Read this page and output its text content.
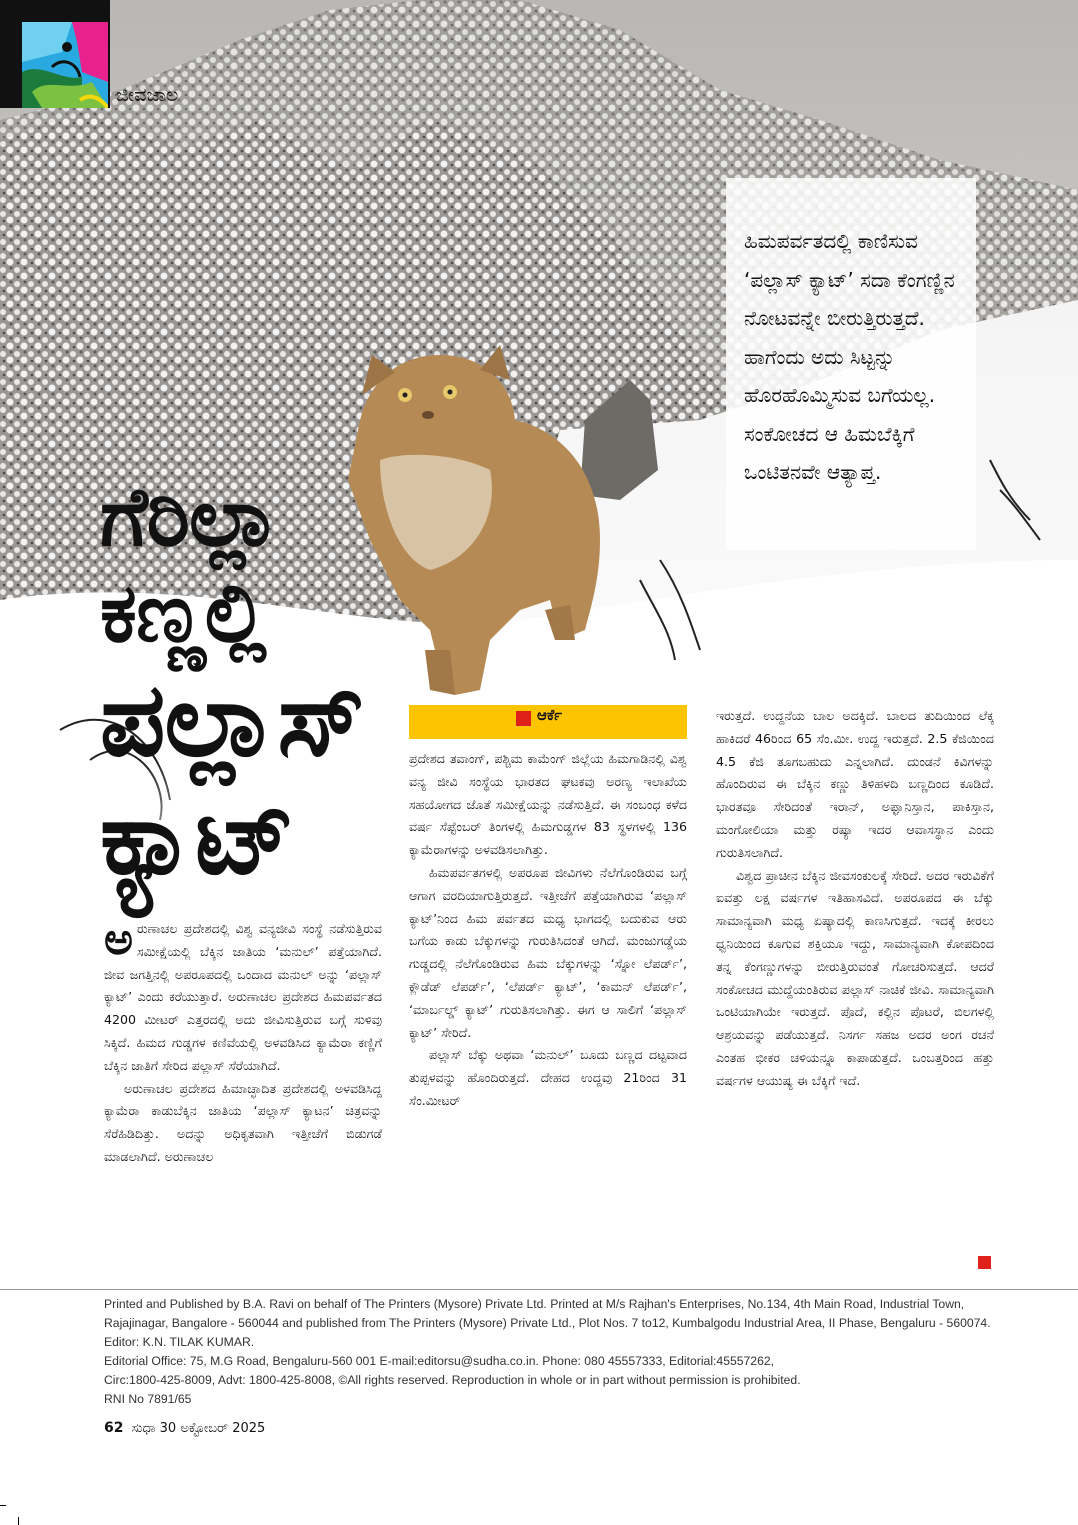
ಜೀವಜಾಲ
ಗೆರಿಲ್ಲಾ
ಕಣ್ಣಲ್ಲಿ
ಪಲ್ಲಾಸ್
ಕ್ಯಾಟ್
ಹಿಮಪರ್ವತದಲ್ಲಿ ಕಾಣಿಸುವ ‘ಪಲ್ಲಾಸ್ ಕ್ಯಾಟ್’ ಸದಾ ಕೆಂಗಣ್ಣಿನ ನೋಟವನ್ನೇ ಬೀರುತ್ತಿರುತ್ತದೆ. ಹಾಗೆಂದು ಅದು ಸಿಟ್ಟನ್ನು ಹೊರಹೊಮ್ಮಿಸುವ ಬಗೆಯಲ್ಲ. ಸಂಕೋಚದ ಆ ಹಿಮಬೆಕ್ಕಿಗೆ ಒಂಟಿತನವೇ ಆತ್ಯಾಪ್ತ.
ಆರ್ಕೆ

ಅರುಣಾಚಲ ಪ್ರದೇಶದಲ್ಲಿ ವಿಶ್ವ ವನ್ಯಜೀವಿ ಸಂಸ್ಥೆ ನಡೆಸುತ್ತಿರುವ ಸಮೀಕ್ಷೆಯಲ್ಲಿ ಬೆಕ್ಕಿನ ಜಾತಿಯ ‘ಮನುಲ್’ ಪತ್ತೆಯಾಗಿದೆ. ಜೀವ ಜಗತ್ತಿನಲ್ಲಿ ಅಪರೂಪದಲ್ಲಿ ಒಂದಾದ ಮನುಲ್ ಅನ್ನು ‘ಪಲ್ಲಾಸ್ ಕ್ಯಾಟ್’ ಎಂದು ಕರೆಯುತ್ತಾರೆ. ಅರುಣಾಚಲ ಪ್ರದೇಶದ ಹಿಮಪರ್ವತದ 4200 ಮೀಟರ್ ಎತ್ತರದಲ್ಲಿ ಅದು ಜೀವಿಸುತ್ತಿರುವ ಬಗ್ಗೆ ಸುಳಿವು ಸಿಕ್ಕಿದೆ. ಹಿಮದ ಗುಡ್ಡಗಳ ಕಣಿವೆಯಲ್ಲಿ ಅಳವಡಿಸಿದ ಕ್ಯಾಮೆರಾ ಕಣ್ಣಿಗೆ ಬೆಕ್ಕಿನ ಜಾತಿಗೆ ಸೇರಿದ ಪಲ್ಲಾಸ್ ಸೆರೆಯಾಗಿದೆ.

ಅರುಣಾಚಲ ಪ್ರದೇಶದ ಹಿಮಾಚ್ಛಾದಿತ ಪ್ರದೇಶದಲ್ಲಿ ಅಳವಡಿಸಿದ್ದ ಕ್ಯಾಮೆರಾ ಕಾಡುಬೆಕ್ಕಿನ ಜಾತಿಯ ‘ಪಲ್ಲಾಸ್ ಕ್ಯಾಟನ’ ಚಿತ್ರವನ್ನು ಸೆರೆಹಿಡಿದಿತ್ತು. ಅದನ್ನು ಅಧಿಕೃತವಾಗಿ ಇತ್ತೀಚೆಗೆ ಬಿಡುಗಡೆ ಮಾಡಲಾಗಿದೆ. ಅರುಣಾಚಲ

ಪ್ರದೇಶದ ತವಾಂಗ್, ಪಶ್ಚಿಮ ಕಾಮೆಂಗ್ ಜಿಲ್ಲೆಯ ಹಿಮಗಾಡಿನಲ್ಲಿ ವಿಶ್ವ ವನ್ಯ ಜೀವಿ ಸಂಸ್ಥೆಯ ಭಾರತದ ಘಟಕವು ಅರಣ್ಯ ಇಲಾಖೆಯ ಸಹಯೋಗದ ಜೊತೆ ಸಮೀಕ್ಷೆಯನ್ನು ನಡೆಸುತ್ತಿದೆ. ಈ ಸಂಬಂಧ ಕಳೆದ ವರ್ಷ ಸೆಪ್ಟೆಂಬರ್ ತಿಂಗಳಲ್ಲಿ ಹಿಮಗುಡ್ಡಗಳ 83 ಸ್ಥಳಗಳಲ್ಲಿ 136 ಕ್ಯಾಮೆರಾಗಳನ್ನು ಅಳವಡಿಸಲಾಗಿತ್ತು.

ಹಿಮಪರ್ವತಗಳಲ್ಲಿ ಅಪರೂಪ ಜೀವಿಗಳು ನೆಲೆಗೊಂಡಿರುವ ಬಗ್ಗೆ ಆಗಾಗ ವರದಿಯಾಗುತ್ತಿರುತ್ತದೆ. ಇತ್ತೀಚೆಗೆ ಪತ್ತೆಯಾಗಿರುವ ‘ಪಲ್ಲಾಸ್ ಕ್ಯಾಟ್’ನಿಂದ ಹಿಮ ಪರ್ವತದ ಮಧ್ಯ ಭಾಗದಲ್ಲಿ ಬದುಕುವ ಆರು ಬಗೆಯ ಕಾಡು ಬೆಕ್ಕುಗಳನ್ನು ಗುರುತಿಸಿದಂತೆ ಆಗಿದೆ. ಮಂಜುಗಡ್ಡೆಯ ಗುಡ್ಡದಲ್ಲಿ ನೆಲೆಗೊಂಡಿರುವ ಹಿಮ ಬೆಕ್ಕುಗಳನ್ನು ‘ಸ್ನೋ ಲೆಪರ್ಡ್’, ಕ್ಲೌಡೆಡ್ ಲೆಪರ್ಡ್’, ‘ಲೆಪರ್ಡ್ ಕ್ಯಾಟ್’, ‘ಕಾಮನ್ ಲೆಪರ್ಡ್’, ‘ಮಾರ್ಬಲ್ಡ್ ಕ್ಯಾಟ್’ ಗುರುತಿಸಲಾಗಿತ್ತು. ಈಗ ಆ ಸಾಲಿಗೆ ‘ಪಲ್ಲಾಸ್ ಕ್ಯಾಟ್’ ಸೇರಿದೆ.

ಪಲ್ಲಾಸ್ ಬೆಕ್ಕು ಅಥವಾ ‘ಮನುಲ್’ ಬೂದು ಬಣ್ಣದ ದಟ್ಟವಾದ ತುಪ್ಪಳವನ್ನು ಹೊಂದಿರುತ್ತದೆ. ದೇಹದ ಉದ್ದವು 21ರಿಂದ 31 ಸೆಂ.ಮೀಟರ್

ಇರುತ್ತದೆ. ಉದ್ದನೆಯ ಬಾಲ ಅದಕ್ಕಿದೆ. ಬಾಲದ ತುದಿಯಿಂದ ಲೆಕ್ಕ ಹಾಕಿದರೆ 46ರಿಂದ 65 ಸೆಂ.ಮೀ. ಉದ್ದ ಇರುತ್ತದೆ. 2.5 ಕೆಜಿಯಿಂದ 4.5 ಕೆಜಿ ತೂಗಬಹುದು ಎನ್ನಲಾಗಿದೆ. ದುಂಡನೆ ಕಿವಿಗಳನ್ನು ಹೊಂದಿರುವ ಈ ಬೆಕ್ಕಿನ ಕಣ್ಣು ತಿಳಿಹಳದಿ ಬಣ್ಣದಿಂದ ಕೂಡಿದೆ. ಭಾರತವೂ ಸೇರಿದಂತೆ ಇರಾನ್, ಅಫ್ಘಾನಿಸ್ತಾನ, ಪಾಕಿಸ್ತಾನ, ಮಂಗೋಲಿಯಾ ಮತ್ತು ರಷ್ಯಾ ಇದರ ಆವಾಸಸ್ಥಾನ ಎಂದು ಗುರುತಿಸಲಾಗಿದೆ.

ವಿಶ್ವದ ಪ್ರಾಚೀನ ಬೆಕ್ಕಿನ ಜೀವಸಂಕುಲಕ್ಕೆ ಸೇರಿದೆ. ಅದರ ಇರುವಿಕೆಗೆ ಐವತ್ತು ಲಕ್ಷ ವರ್ಷಗಳ ಇತಿಹಾಸವಿದೆ. ಅಪರೂಪದ ಈ ಬೆಕ್ಕು ಸಾಮಾನ್ಯವಾಗಿ ಮಧ್ಯ ಏಷ್ಯಾದಲ್ಲಿ ಕಾಣಸಿಗುತ್ತದೆ. ಇದಕ್ಕೆ ಕೀರಲು ಧ್ವನಿಯಿಂದ ಕೂಗುವ ಶಕ್ತಿಯೂ ಇದ್ದು, ಸಾಮಾನ್ಯವಾಗಿ ಕೋಪದಿಂದ ತನ್ನ ಕೆಂಗಣ್ಣುಗಳನ್ನು ಬೀರುತ್ತಿರುವಂತೆ ಗೋಚರಿಸುತ್ತದೆ. ಆದರೆ ಸಂಕೋಚದ ಮುದ್ದೆಯಂತಿರುವ ಪಲ್ಲಾಸ್ ನಾಚಿಕೆ ಜೀವಿ. ಸಾಮಾನ್ಯವಾಗಿ ಒಂಟಿಯಾಗಿಯೇ ಇರುತ್ತದೆ. ಪೊದೆ, ಕಲ್ಲಿನ ಪೊಟರೆ, ಬಿಲಗಳಲ್ಲಿ ಆಶ್ರಯವನ್ನು ಪಡೆಯುತ್ತದೆ. ನಿಸರ್ಗ ಸಹಜ ಅದರ ಅಂಗ ರಚನೆ ಎಂತಹ ಭೀಕರ ಚಳಿಯನ್ನೂ ಕಾಪಾಡುತ್ತದೆ. ಒಂಬತ್ತರಿಂದ ಹತ್ತು ವರ್ಷಗಳ ಆಯುಷ್ಯ ಈ ಬೆಕ್ಕಿಗೆ ಇದೆ.

Printed and Published by B.A. Ravi on behalf of The Printers (Mysore) Private Ltd. Printed at M/s Rajhan's Enterprises, No.134, 4th Main Road, Industrial Town, Rajajinagar, Bangalore - 560044 and published from The Printers (Mysore) Private Ltd., Plot Nos. 7 to12, Kumbalgodu Industrial Area, II Phase, Bengaluru - 560074. Editor: K.N. TILAK KUMAR.
Editorial Office: 75, M.G Road, Bengaluru-560 001 E-mail:editorsu@sudha.co.in. Phone: 080 45557333, Editorial:45557262,
Circ:1800-425-8009, Advt: 1800-425-8008, ©All rights reserved. Reproduction in whole or in part without permission is prohibited.
RNI No 7891/65
62 ಸುಧಾ 30 ಅಕ್ಟೋಬರ್ 2025
